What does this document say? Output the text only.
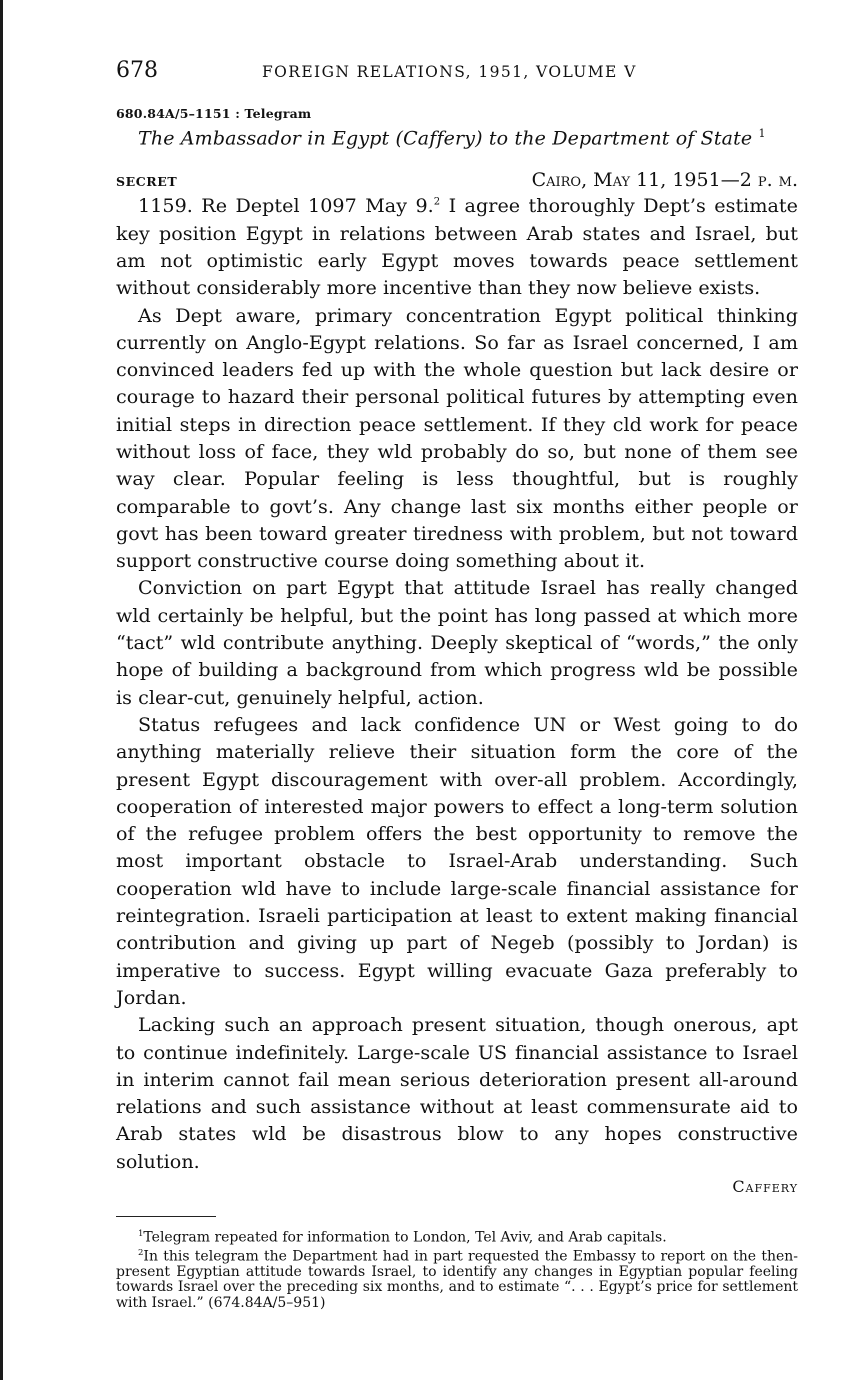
678	FOREIGN RELATIONS, 1951, VOLUME V
680.84A/5–1151 : Telegram
The Ambassador in Egypt (Caffery) to the Department of State $^1$
SECRET	Cairo, May 11, 1951—2 p. m.

1159. Re Deptel 1097 May 9.$^2$ I agree thoroughly Dept’s estimate key position Egypt in relations between Arab states and Israel, but am not optimistic early Egypt moves towards peace settlement without considerably more incentive than they now believe exists.

As Dept aware, primary concentration Egypt political thinking currently on Anglo-Egypt relations. So far as Israel concerned, I am convinced leaders fed up with the whole question but lack desire or courage to hazard their personal political futures by attempting even initial steps in direction peace settlement. If they cld work for peace without loss of face, they wld probably do so, but none of them see way clear. Popular feeling is less thoughtful, but is roughly comparable to govt’s. Any change last six months either people or govt has been toward greater tiredness with problem, but not toward support constructive course doing something about it.

Conviction on part Egypt that attitude Israel has really changed wld certainly be helpful, but the point has long passed at which more “tact” wld contribute anything. Deeply skeptical of “words,” the only hope of building a background from which progress wld be possible is clear-cut, genuinely helpful, action.

Status refugees and lack confidence UN or West going to do anything materially relieve their situation form the core of the present Egypt discouragement with over-all problem. Accordingly, cooperation of interested major powers to effect a long-term solution of the refugee problem offers the best opportunity to remove the most important obstacle to Israel-Arab understanding. Such cooperation wld have to include large-scale financial assistance for reintegration. Israeli participation at least to extent making financial contribution and giving up part of Negeb (possibly to Jordan) is imperative to success. Egypt willing evacuate Gaza preferably to Jordan.

Lacking such an approach present situation, though onerous, apt to continue indefinitely. Large-scale US financial assistance to Israel in interim cannot fail mean serious deterioration present all-around relations and such assistance without at least commensurate aid to Arab states wld be disastrous blow to any hopes constructive solution.

Caffery

$^1$Telegram repeated for information to London, Tel Aviv, and Arab capitals.

$^2$In this telegram the Department had in part requested the Embassy to report on the then-present Egyptian attitude towards Israel, to identify any changes in Egyptian popular feeling towards Israel over the preceding six months, and to estimate “. . . Egypt’s price for settlement with Israel.” (674.84A/5–951)
